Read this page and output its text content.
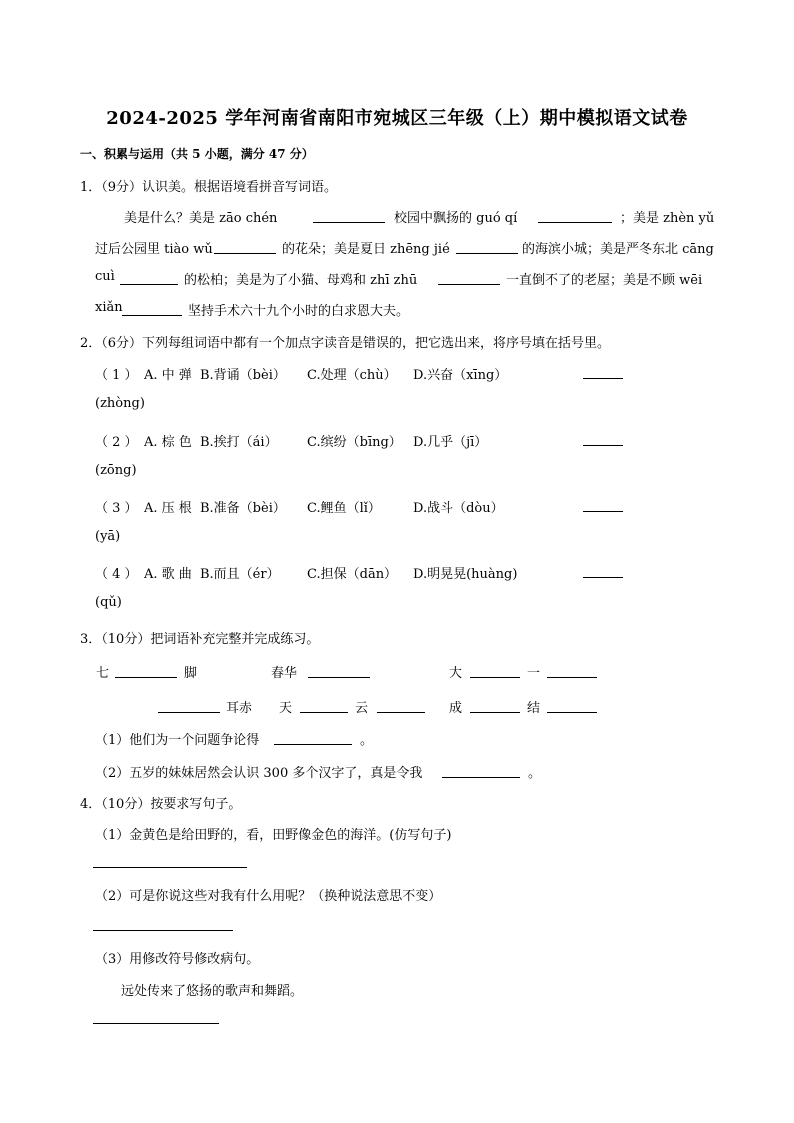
2024-2025 学年河南省南阳市宛城区三年级（上）期中模拟语文试卷
一、积累与运用（共 5 小题，满分 47 分）
1．（9分）认识美。根据语境看拼音写词语。
美是什么？美是 zāo chén	校园中飘扬的 guó qí	；美是 zhèn yǔ
过后公园里 tiào wǔ	的花朵；美是夏日 zhēng jié	的海滨小城；美是严冬东北 cāng
cuì	的松柏；美是为了小猫、母鸡和 zhī zhū	一直倒不了的老屋；美是不顾 wēi
xiǎn	坚持手术六十九个小时的白求恩大夫。
2．（6分）下列每组词语中都有一个加点字读音是错误的，把它选出来，将序号填在括号里。
（ 1 ） A. 中 弹 B.背诵（bèi） C.处理（chù） D.兴奋（xīng）
(zhòng)
（ 2 ） A. 棕 色 B.挨打（ái） C.缤纷（bīng） D.几乎（jī）
(zōng)
（ 3 ） A. 压 根 B.准备（bèi） C.鲤鱼（lǐ） D.战斗（dòu）
(yā)
（ 4 ） A. 歌 曲 B.而且（ér） C.担保（dān） D.明晃晃(huàng)
(qǔ)
3．（10分）把词语补充完整并完成练习。
七	脚	春华	大	一
耳赤 天	云	成	结
（1）他们为一个问题争论得	。
（2）五岁的妹妹居然会认识 300 多个汉字了，真是令我	。
4．（10分）按要求写句子。
（1）金黄色是给田野的，看，田野像金色的海洋。(仿写句子)
（2）可是你说这些对我有什么用呢？（换种说法意思不变）
（3）用修改符号修改病句。
远处传来了悠扬的歌声和舞蹈。
